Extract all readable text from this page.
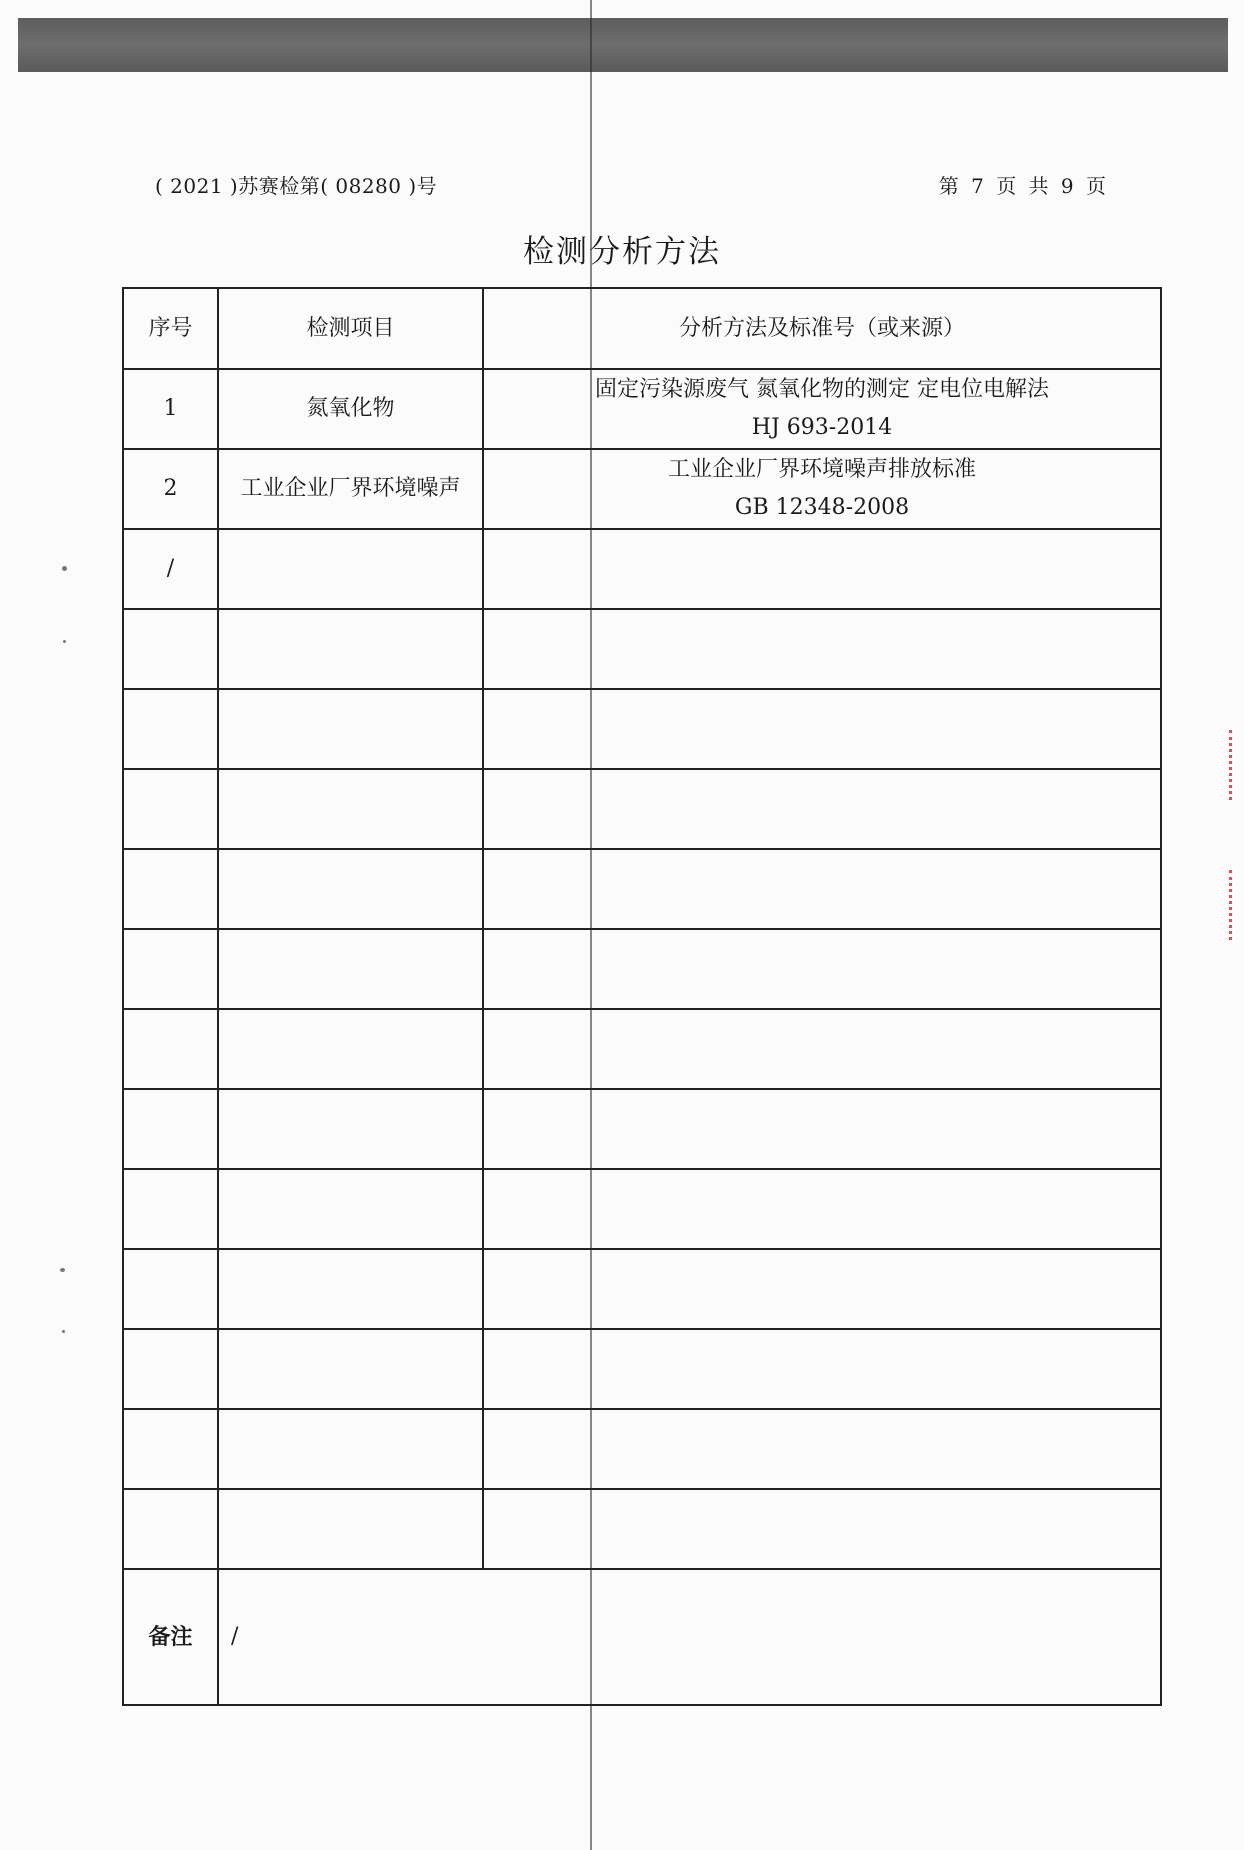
( 2021 )苏赛检第( 08280 )号	第 7 页 共 9 页
检测分析方法
序号	检测项目	分析方法及标准号（或来源）
1	氮氧化物	固定污染源废气 氮氧化物的测定 定电位电解法
HJ 693-2014

2	工业企业厂界环境噪声	工业企业厂界环境噪声排放标准
GB 12348-2008

/		

备注	/	
